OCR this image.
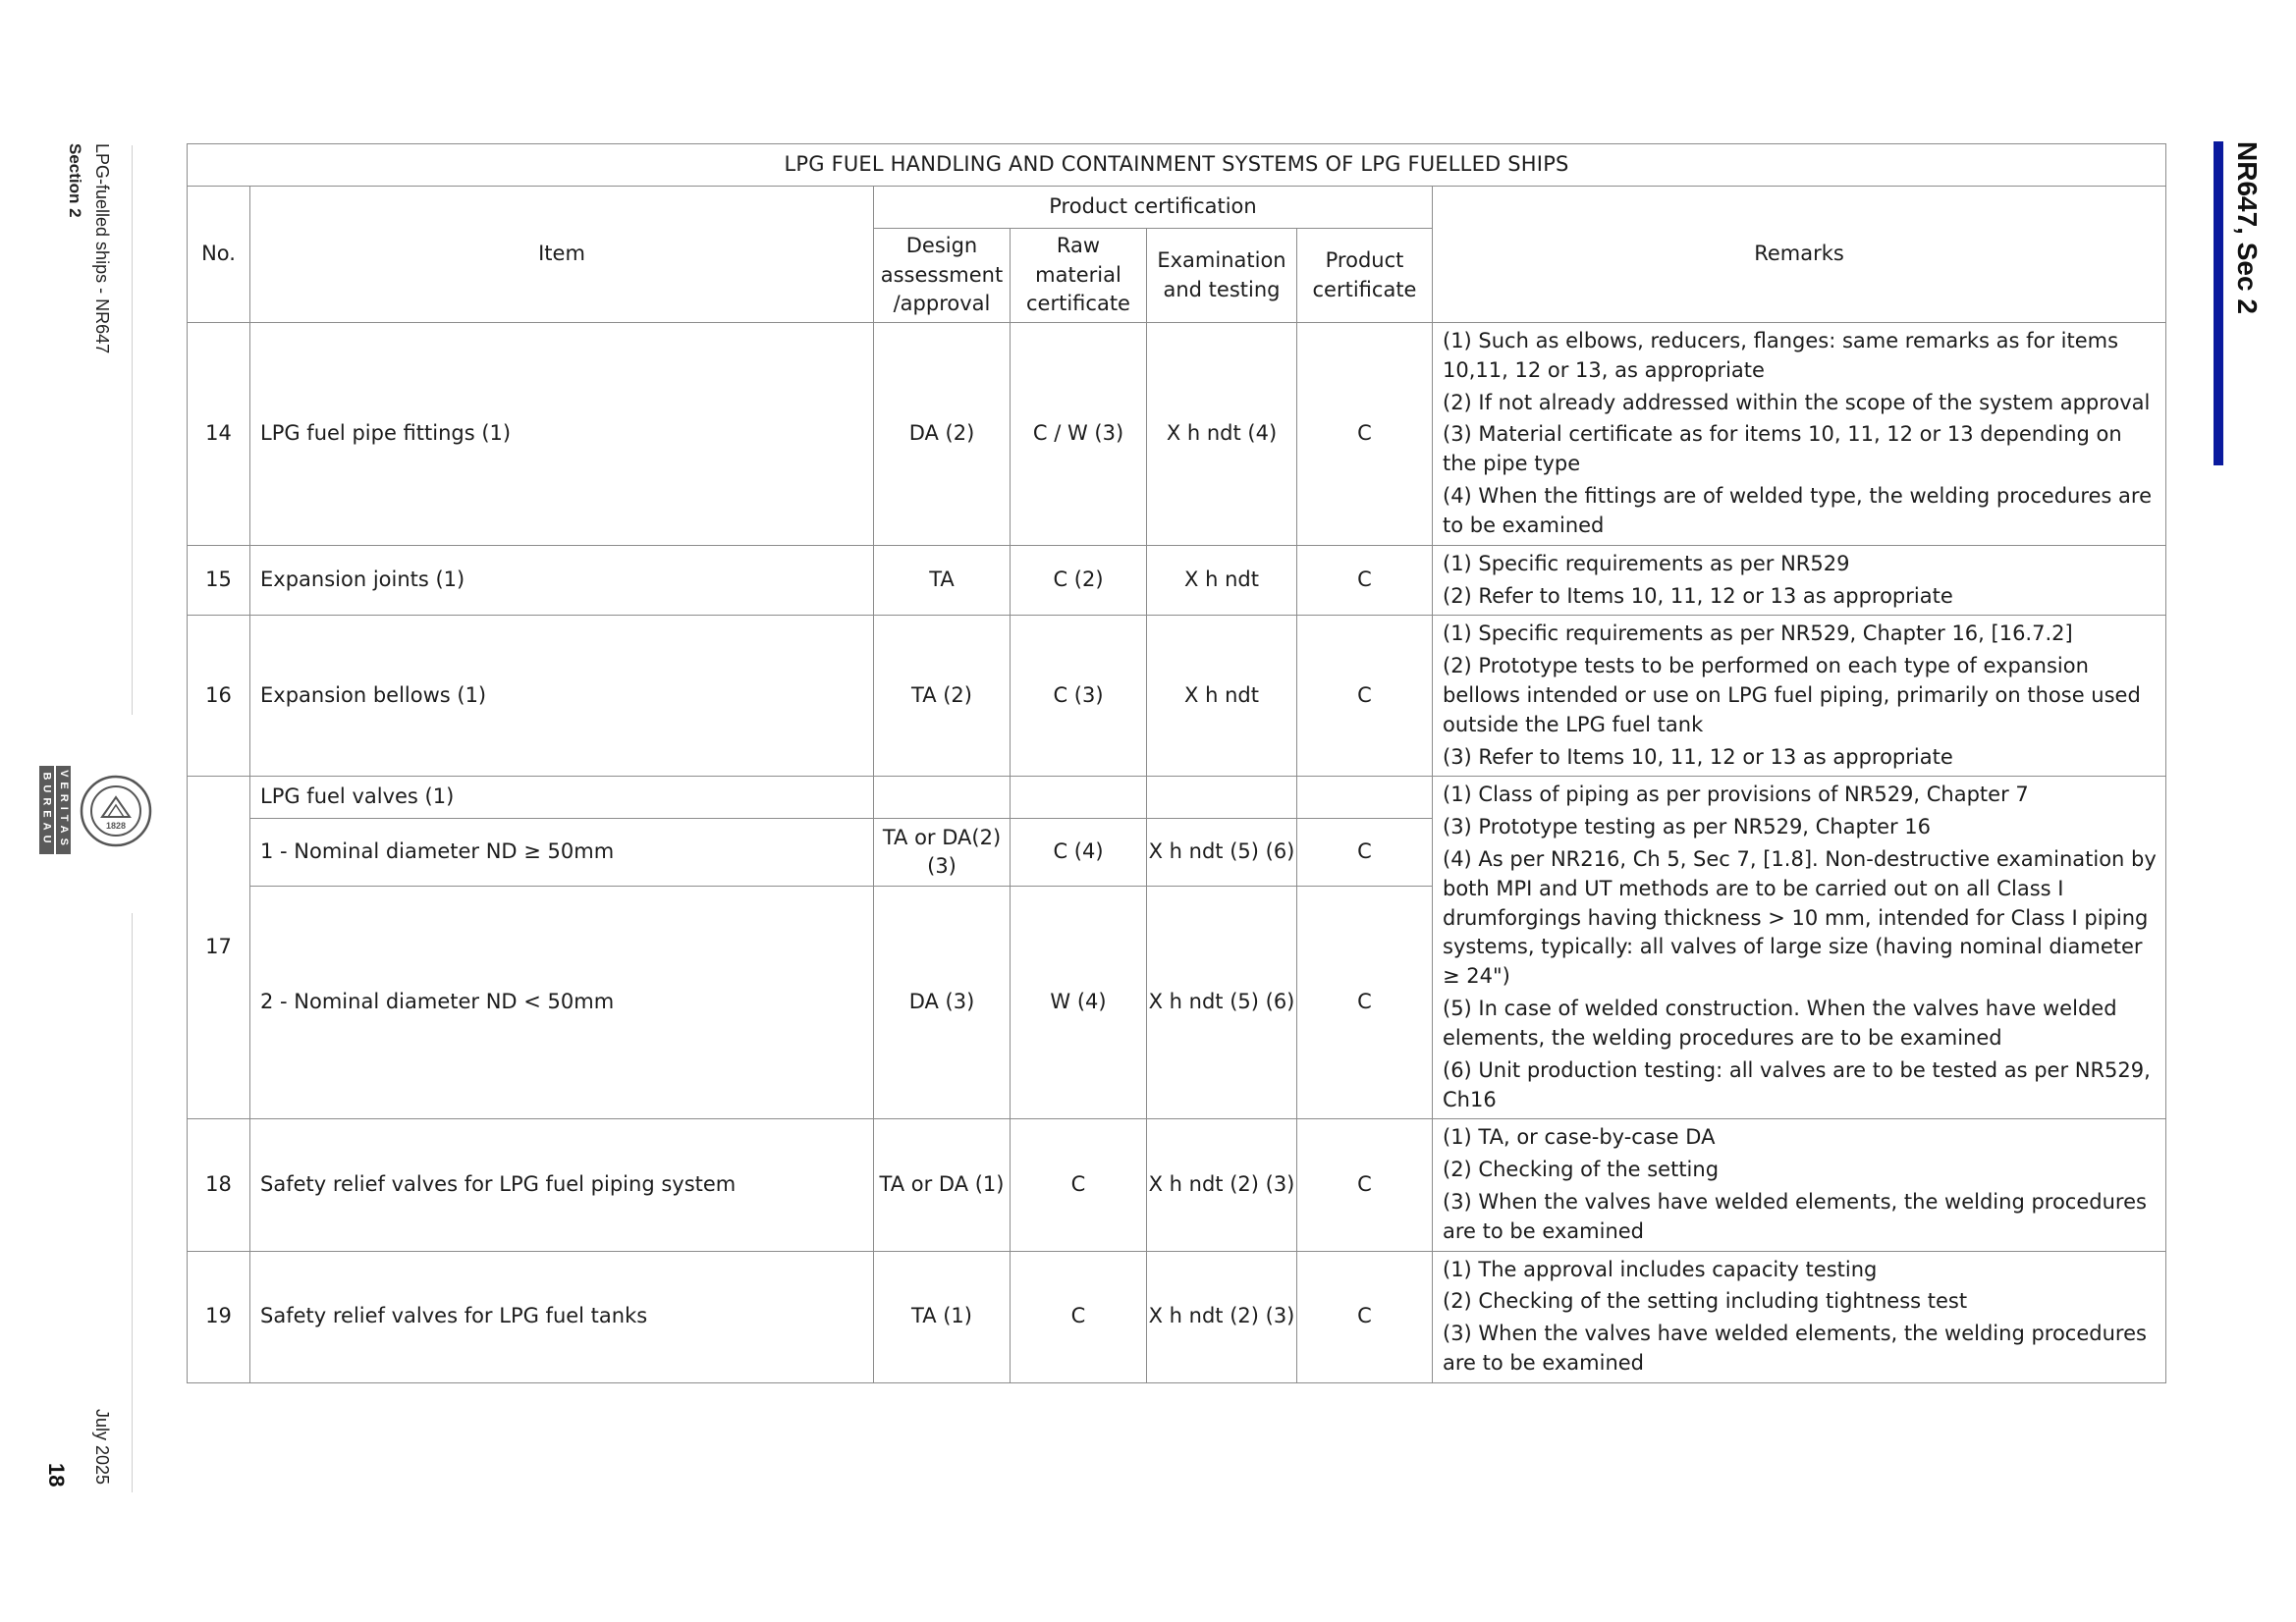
LPG-fuelled ships - NR647
Section 2
BUREAU VERITAS	1828
July 2025
18
NR647, Sec 2
LPG FUEL HANDLING AND CONTAINMENT SYSTEMS OF LPG FUELLED SHIPS						
No.	Item	Product certification				Remarks
		Design assessment /approval	Raw material certificate	Examination and testing	Product certificate	
14	LPG fuel pipe fittings (1)	DA (2)	C / W (3)	X h ndt (4)	C	(1) Such as elbows, reducers, flanges: same remarks as for items 10,11, 12 or 13, as appropriate
(2) If not already addressed within the scope of the system approval
(3) Material certificate as for items 10, 11, 12 or 13 depending on the pipe type
(4) When the fittings are of welded type, the welding procedures are to be examined

15	Expansion joints (1)	TA	C (2)	X h ndt	C	(1) Specific requirements as per NR529
(2) Refer to Items 10, 11, 12 or 13 as appropriate

16	Expansion bellows (1)	TA (2)	C (3)	X h ndt	C	(1) Specific requirements as per NR529, Chapter 16, [16.7.2]
(2) Prototype tests to be performed on each type of expansion bellows intended or use on LPG fuel piping, primarily on those used outside the LPG fuel tank
(3) Refer to Items 10, 11, 12 or 13 as appropriate

17	LPG fuel valves (1)					(1) Class of piping as per provisions of NR529, Chapter 7
(3) Prototype testing as per NR529, Chapter 16
(4) As per NR216, Ch 5, Sec 7, [1.8]. Non-destructive examination by both MPI and UT methods are to be carried out on all Class I drumforgings having thickness > 10 mm, intended for Class I piping systems, typically: all valves of large size (having nominal diameter ≥ 24")
(5) In case of welded construction. When the valves have welded elements, the welding procedures are to be examined
(6) Unit production testing: all valves are to be tested as per NR529, Ch16

	1 - Nominal diameter ND ≥ 50mm	TA or DA(2) (3)	C (4)	X h ndt (5) (6)	C	
	2 - Nominal diameter ND < 50mm	DA (3)	W (4)	X h ndt (5) (6)	C	
18	Safety relief valves for LPG fuel piping system	TA or DA (1)	C	X h ndt (2) (3)	C	(1) TA, or case-by-case DA
(2) Checking of the setting
(3) When the valves have welded elements, the welding procedures are to be examined

19	Safety relief valves for LPG fuel tanks	TA (1)	C	X h ndt (2) (3)	C	(1) The approval includes capacity testing
(2) Checking of the setting including tightness test
(3) When the valves have welded elements, the welding procedures are to be examined
